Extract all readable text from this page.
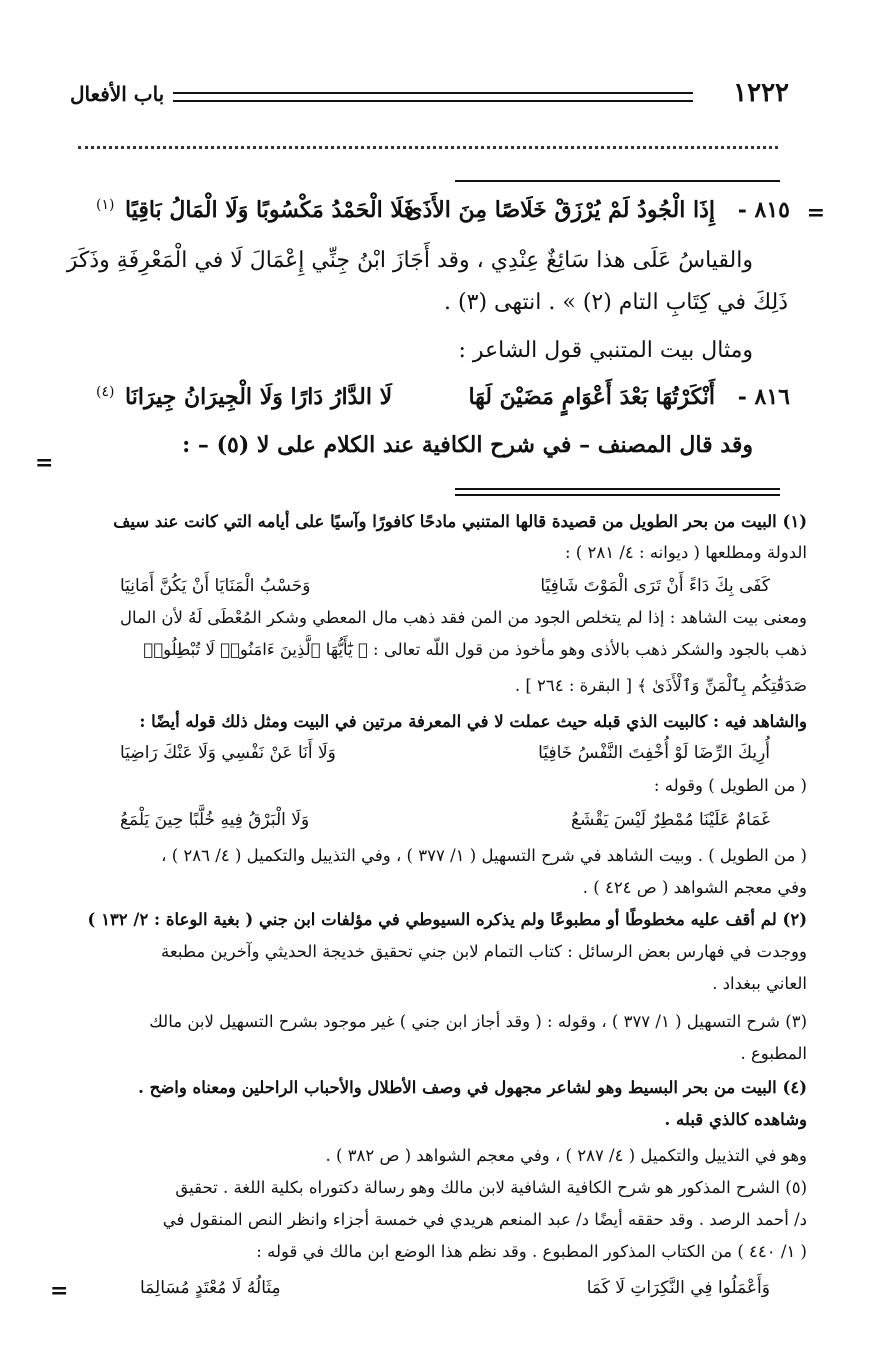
١٢٢٢
باب الأفعال
=
٨١٥ -
إِذَا الْجُودُ لَمْ يُرْزَقْ خَلَاصًا مِنَ الأَذَى
فَلَا الْحَمْدُ مَكْسُوبًا وَلَا الْمَالُ بَاقِيًا
(١)
والقياسُ عَلَى هذا سَائِغٌ عِنْدِي ، وقد أَجَازَ ابْنُ جِنِّي إِعْمَالَ لَا في الْمَعْرِفَةِ وذَكَرَ
ذَلِكَ في كِتَابِ التام (٢) » . انتهى (٣) .
ومثال بيت المتنبي قول الشاعر :
٨١٦ -
أَنْكَرْتُهَا بَعْدَ أَعْوَامٍ مَضَيْنَ لَهَا
لَا الدَّارُ دَارًا وَلَا الْجِيرَانُ جِيرَانَا
(٤)
وقد قال المصنف – في شرح الكافية عند الكلام على لا (٥) – :
=
(١) البيت من بحر الطويل من قصيدة قالها المتنبي مادحًا كافورًا وآسيًا على أيامه التي كانت عند سيف
الدولة ومطلعها ( ديوانه : ٤/ ٢٨١ ) :
كَفَى بِكَ دَاءً أَنْ تَرَى الْمَوْتَ شَافِيًا
وَحَسْبُ الْمَنَايَا أَنْ يَكُنَّ أَمَانِيَا
ومعنى بيت الشاهد : إذا لم يتخلص الجود من المن فقد ذهب مال المعطي وشكر المُعْطَى لَهُ لأن المال
ذهب بالجود والشكر ذهب بالأذى وهو مأخوذ من قول اللّه تعالى : ﴿ يَٰٓأَيُّهَا ٱلَّذِينَ ءَامَنُوا۟ لَا تُبْطِلُوا۟
صَدَقَٰتِكُم بِٱلْمَنِّ وَٱلْأَذَىٰ ﴾ [ البقرة : ٢٦٤ ] .
والشاهد فيه : كالبيت الذي قبله حيث عملت لا في المعرفة مرتين في البيت ومثل ذلك قوله أيضًا :
أُرِيكَ الرِّضَا لَوْ أُخْفِتَ النَّفْسُ خَافِيًا
وَلَا أَنَا عَنْ نَفْسِي وَلَا عَنْكَ رَاضِيَا
( من الطويل ) وقوله :
غَمَامٌ عَلَيْنَا مُمْطِرٌ لَيْسَ يَقْشَعُ
وَلَا الْبَرْقُ فِيهِ خُلَّبًا حِينَ يَلْمَعُ
( من الطويل ) . وبيت الشاهد في شرح التسهيل ( ١/ ٣٧٧ ) ، وفي التذييل والتكميل ( ٤/ ٢٨٦ ) ،
وفي معجم الشواهد ( ص ٤٢٤ ) .
(٢) لم أقف عليه مخطوطًا أو مطبوعًا ولم يذكره السيوطي في مؤلفات ابن جني ( بغية الوعاة : ٢/ ١٣٢ )
ووجدت في فهارس بعض الرسائل : كتاب التمام لابن جني تحقيق خديجة الحديثي وآخرين مطبعة
العاني ببغداد .
(٣) شرح التسهيل ( ١/ ٣٧٧ ) ، وقوله : ( وقد أجاز ابن جني ) غير موجود بشرح التسهيل لابن مالك
المطبوع .
(٤) البيت من بحر البسيط وهو لشاعر مجهول في وصف الأطلال والأحباب الراحلين ومعناه واضح .
وشاهده كالذي قبله .
وهو في التذييل والتكميل ( ٤/ ٢٨٧ ) ، وفي معجم الشواهد ( ص ٣٨٢ ) .
(٥) الشرح المذكور هو شرح الكافية الشافية لابن مالك وهو رسالة دكتوراه بكلية اللغة . تحقيق
د/ أحمد الرصد . وقد حققه أيضًا د/ عبد المنعم هريدي في خمسة أجزاء وانظر النص المنقول في
( ١/ ٤٤٠ ) من الكتاب المذكور المطبوع . وقد نظم هذا الوضع ابن مالك في قوله :
وَأَعْمَلُوا فِي النَّكِرَاتِ لَا كَمَا
مِثَالُهُ لَا مُعْتَدٍ مُسَالِمَا
=
